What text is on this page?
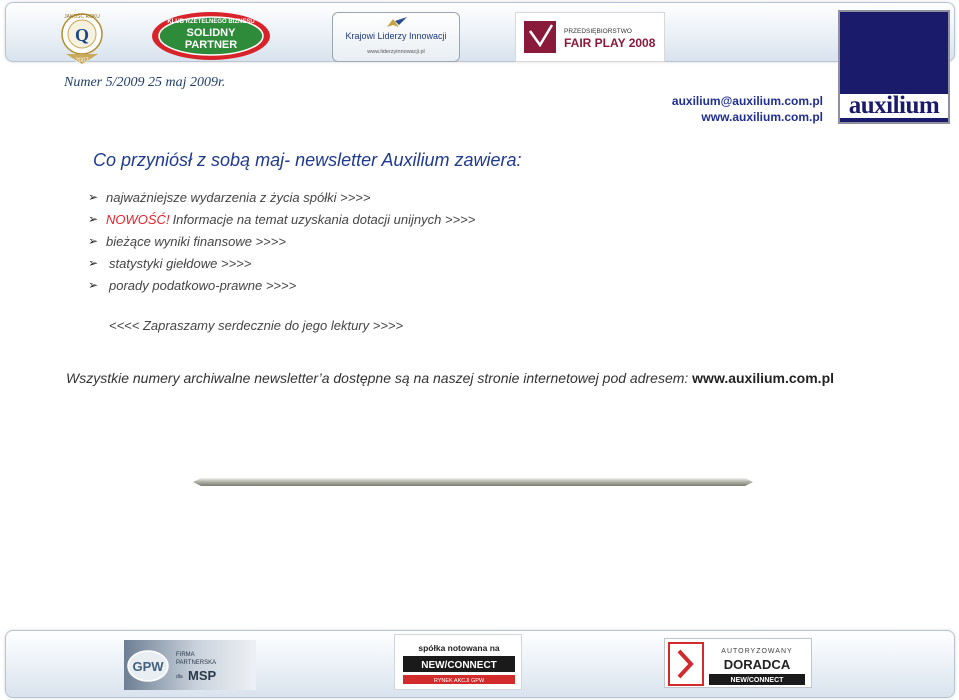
Q
2007
JAKOŚĆ ROKU
KLUB RZETELNEGO BIZNESU
SOLIDNY
PARTNER
Krajowi Liderzy Innowacji
www.liderzyinnowacji.pl
PRZEDSIĘBIORSTWO
FAIR PLAY 2008
auxilium
Numer 5/2009 25 maj 2009r.
auxilium@auxilium.com.pl
www.auxilium.com.pl
Co przyniósł z sobą maj- newsletter Auxilium zawiera:
➢ najważniejsze wydarzenia z życia spółki >>>>
➢ NOWOŚĆ! Informacje na temat uzyskania dotacji unijnych >>>>
➢ bieżące wyniki finansowe >>>>
➢ statystyki giełdowe >>>>
➢ porady podatkowo-prawne >>>>
<<<< Zapraszamy serdecznie do jego lektury >>>>
Wszystkie numery archiwalne newsletter’a dostępne są na naszej stronie internetowej pod adresem: www.auxilium.com.pl
GPW
FIRMA
PARTNERSKA
dla MSP
spółka notowana na
NEW/CONNECT
RYNEK AKCJI GPW
AUTORYZOWANY
DORADCA
NEW/CONNECT
